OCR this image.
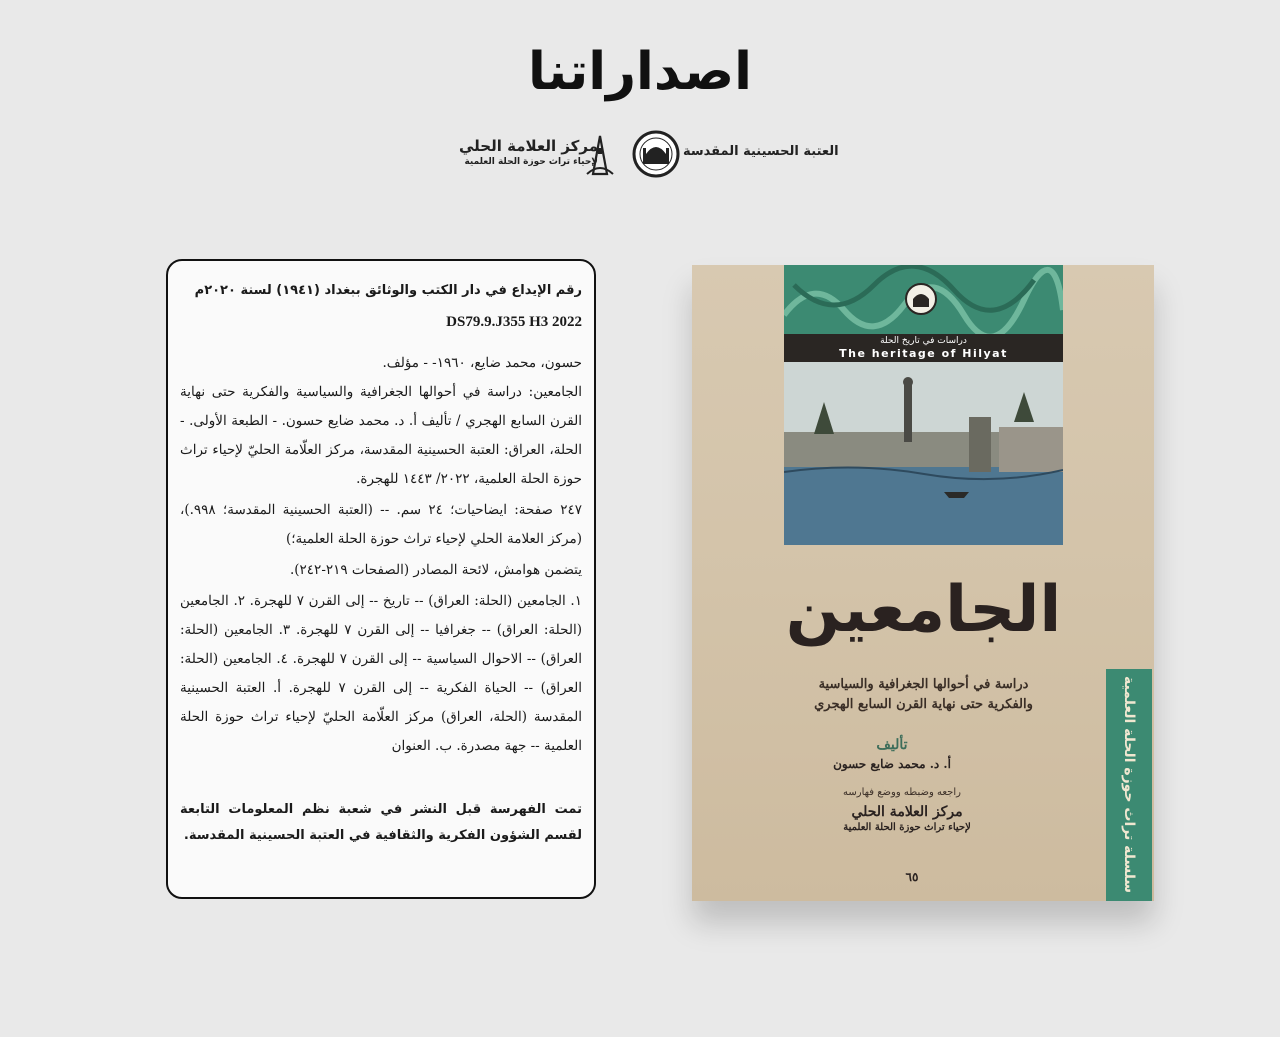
اصداراتنا
مركز العلامة الحلي
لإحياء تراث حوزة الحلة العلمية
العتبة الحسينية المقدسة
رقم الإيداع في دار الكتب والوثائق ببغداد (١٩٤١) لسنة ٢٠٢٠م
DS79.9.J355 H3 2022
حسون، محمد ضايع، ١٩٦٠- - مؤلف.
الجامعين: دراسة في أحوالها الجغرافية والسياسية والفكرية حتى نهاية القرن السابع الهجري / تأليف أ. د. محمد ضايع حسون. - الطبعة الأولى. - الحلة، العراق: العتبة الحسينية المقدسة، مركز العلّامة الحليّ لإحياء تراث حوزة الحلة العلمية، ٢٠٢٢/ ١٤٤٣ للهجرة.
٢٤٧ صفحة: ايضاحيات؛ ٢٤ سم. -- (العتبة الحسينية المقدسة؛ ٩٩٨.)، (مركز العلامة الحلي لإحياء تراث حوزة الحلة العلمية؛)
يتضمن هوامش، لائحة المصادر (الصفحات ٢١٩-٢٤٢).
١. الجامعين (الحلة: العراق) -- تاريخ -- إلى القرن ٧ للهجرة. ٢. الجامعين (الحلة: العراق) -- جغرافيا -- إلى القرن ٧ للهجرة. ٣. الجامعين (الحلة: العراق) -- الاحوال السياسية -- إلى القرن ٧ للهجرة. ٤. الجامعين (الحلة: العراق) -- الحياة الفكرية -- إلى القرن ٧ للهجرة. أ. العتبة الحسينية المقدسة (الحلة، العراق) مركز العلّامة الحليّ لإحياء تراث حوزة الحلة العلمية -- جهة مصدرة. ب. العنوان
تمت الفهرسة قبل النشر في شعبة نظم المعلومات التابعة لقسم الشؤون الفكرية والثقافية في العتبة الحسينية المقدسة.
دراسات في تاريخ الحلة
The heritage of Hilyat
الجامعين
دراسة في أحوالها الجغرافية والسياسية
والفكرية حتى نهاية القرن السابع الهجري
تأليف
أ. د. محمد ضايع حسون
راجعه وضبطه ووضع فهارسه
مركز العلامة الحلي
لإحياء تراث حوزة الحلة العلمية
٦٥	سلسلة تراث حوزة الحلة العلمية
